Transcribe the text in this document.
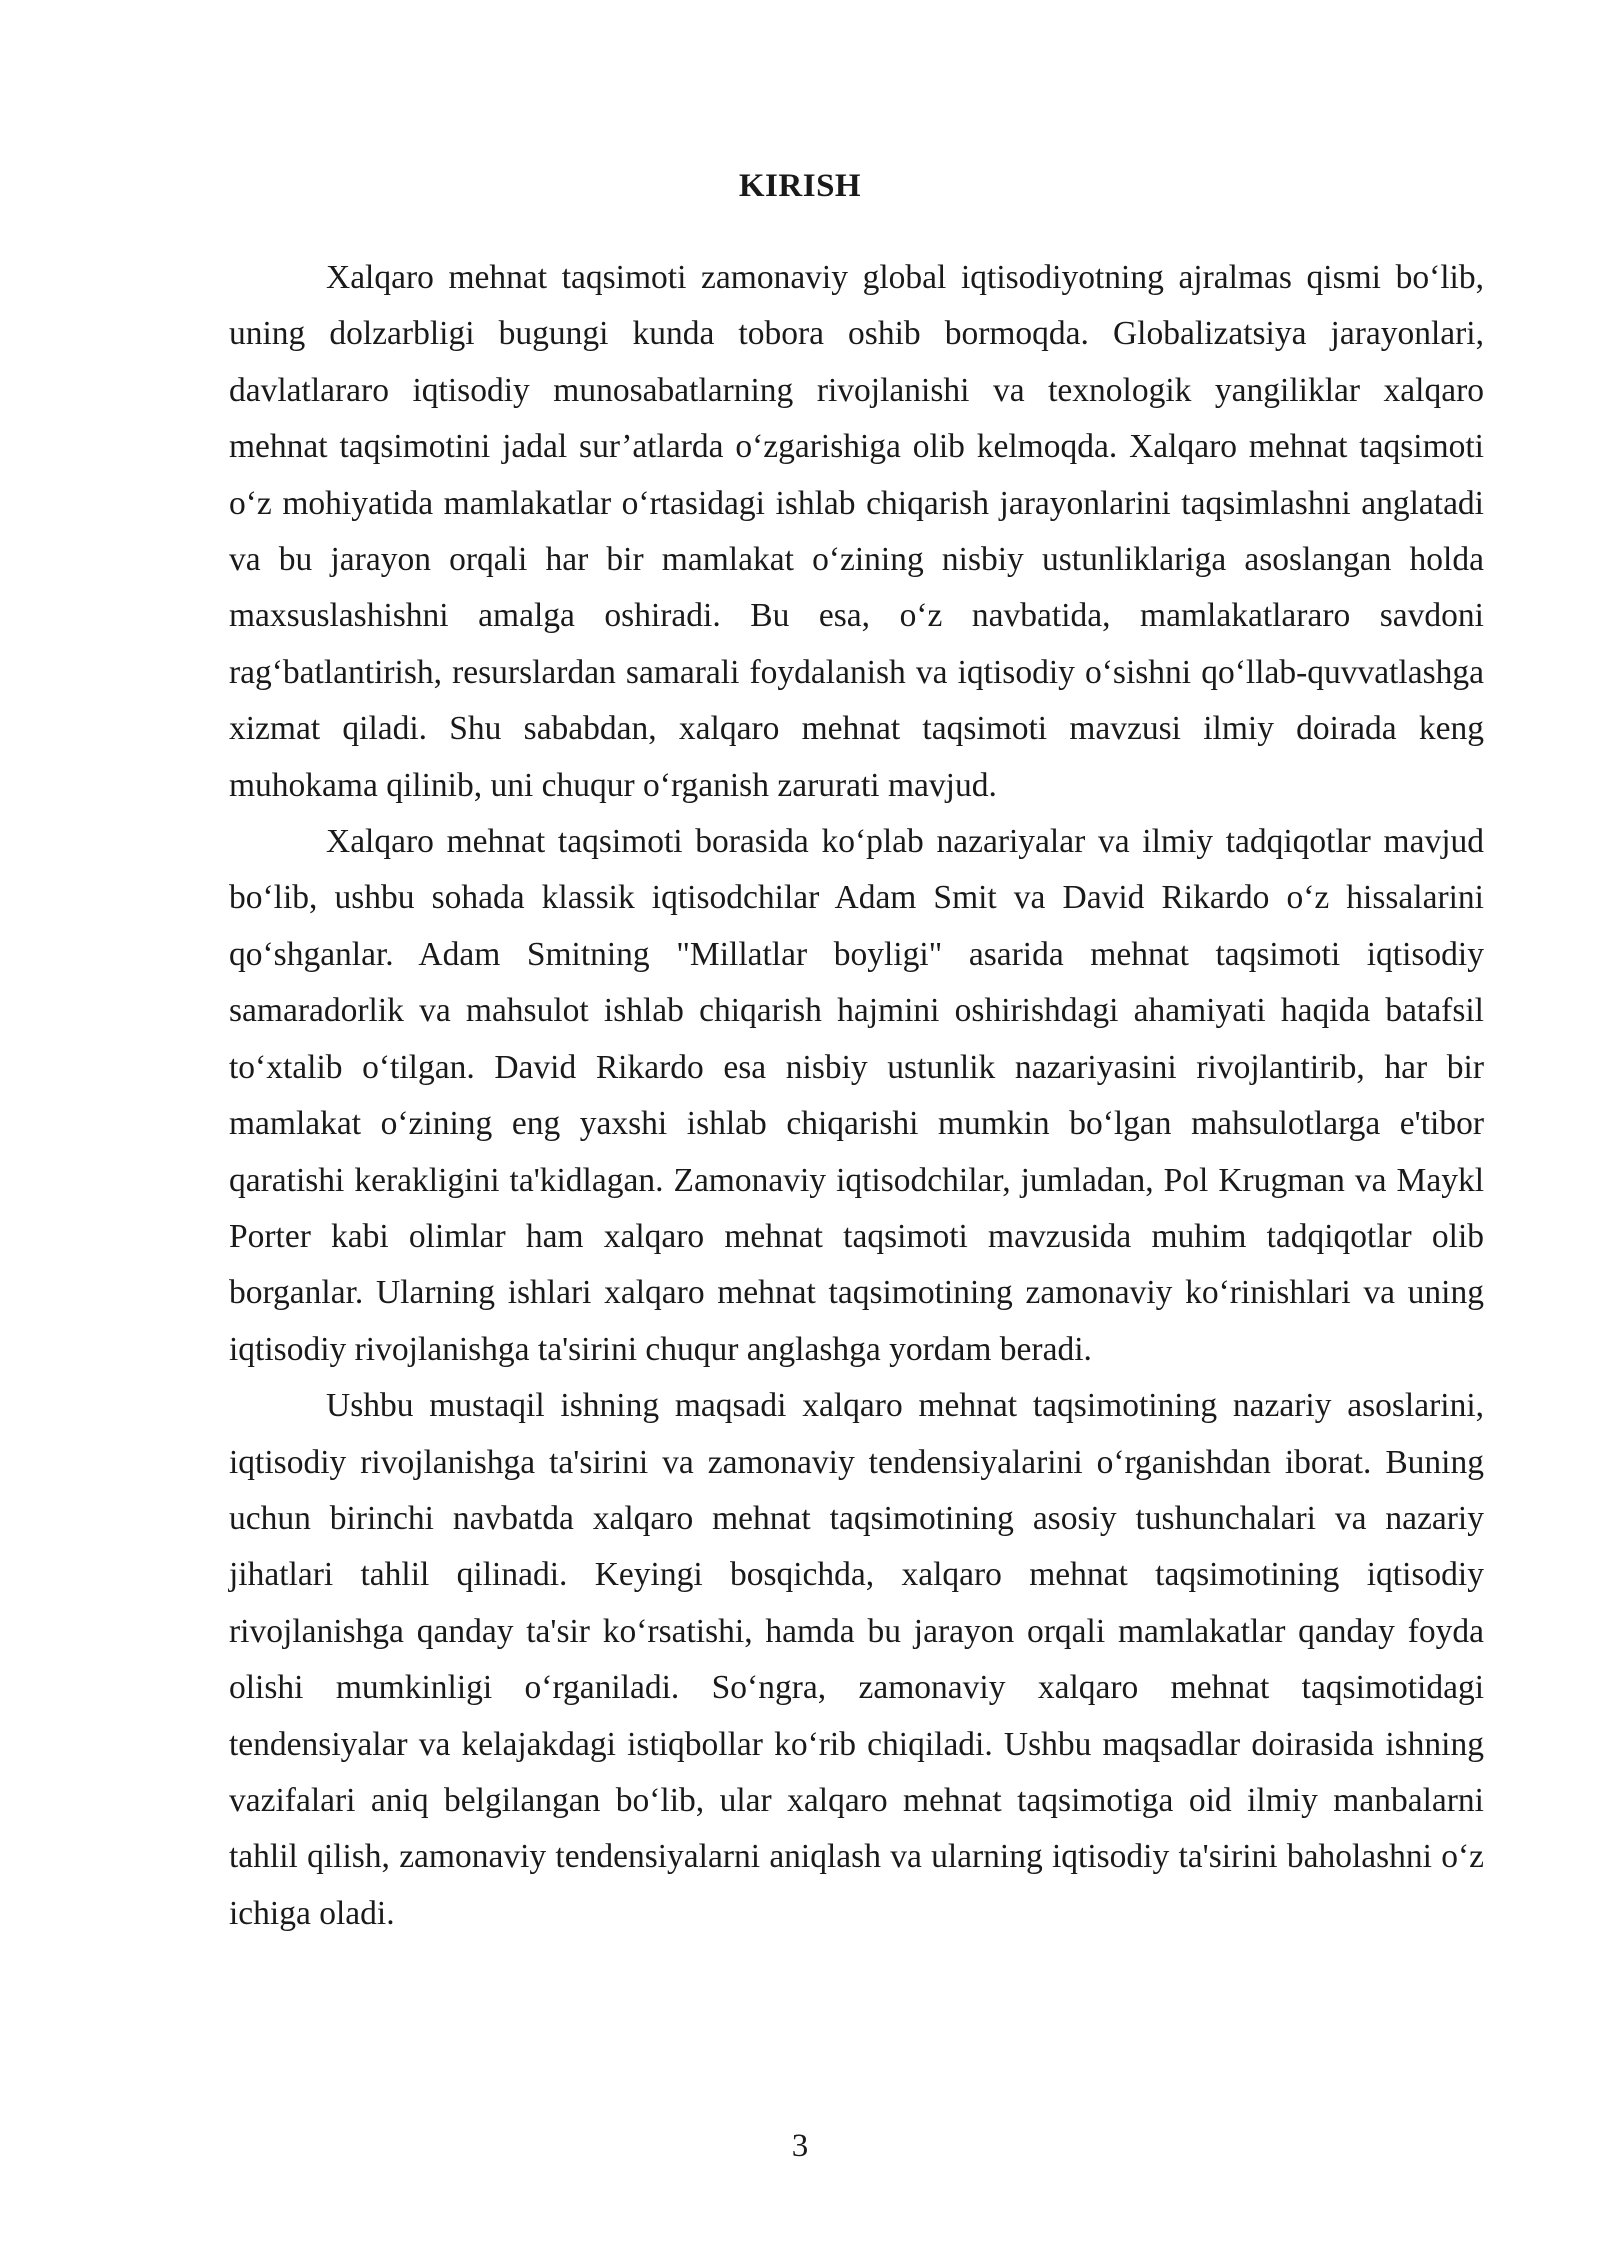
KIRISH

Xalqaro mehnat taqsimoti zamonaviy global iqtisodiyotning ajralmas qismi bo‘lib, uning dolzarbligi bugungi kunda tobora oshib bormoqda. Globalizatsiya jarayonlari, davlatlararo iqtisodiy munosabatlarning rivojlanishi va texnologik yangiliklar xalqaro mehnat taqsimotini jadal sur’atlarda o‘zgarishiga olib kelmoqda. Xalqaro mehnat taqsimoti o‘z mohiyatida mamlakatlar o‘rtasidagi ishlab chiqarish jarayonlarini taqsimlashni anglatadi va bu jarayon orqali har bir mamlakat o‘zining nisbiy ustunliklariga asoslangan holda maxsuslashishni amalga oshiradi. Bu esa, o‘z navbatida, mamlakatlararo savdoni rag‘batlantirish, resurslardan samarali foydalanish va iqtisodiy o‘sishni qo‘llab-quvvatlashga xizmat qiladi. Shu sababdan, xalqaro mehnat taqsimoti mavzusi ilmiy doirada keng muhokama qilinib, uni chuqur o‘rganish zarurati mavjud.

Xalqaro mehnat taqsimoti borasida ko‘plab nazariyalar va ilmiy tadqiqotlar mavjud bo‘lib, ushbu sohada klassik iqtisodchilar Adam Smit va David Rikardo o‘z hissalarini qo‘shganlar. Adam Smitning "Millatlar boyligi" asarida mehnat taqsimoti iqtisodiy samaradorlik va mahsulot ishlab chiqarish hajmini oshirishdagi ahamiyati haqida batafsil to‘xtalib o‘tilgan. David Rikardo esa nisbiy ustunlik nazariyasini rivojlantirib, har bir mamlakat o‘zining eng yaxshi ishlab chiqarishi mumkin bo‘lgan mahsulotlarga e'tibor qaratishi kerakligini ta'kidlagan. Zamonaviy iqtisodchilar, jumladan, Pol Krugman va Maykl Porter kabi olimlar ham xalqaro mehnat taqsimoti mavzusida muhim tadqiqotlar olib borganlar. Ularning ishlari xalqaro mehnat taqsimotining zamonaviy ko‘rinishlari va uning iqtisodiy rivojlanishga ta'sirini chuqur anglashga yordam beradi.

Ushbu mustaqil ishning maqsadi xalqaro mehnat taqsimotining nazariy asoslarini, iqtisodiy rivojlanishga ta'sirini va zamonaviy tendensiyalarini o‘rganishdan iborat. Buning uchun birinchi navbatda xalqaro mehnat taqsimotining asosiy tushunchalari va nazariy jihatlari tahlil qilinadi. Keyingi bosqichda, xalqaro mehnat taqsimotining iqtisodiy rivojlanishga qanday ta'sir ko‘rsatishi, hamda bu jarayon orqali mamlakatlar qanday foyda olishi mumkinligi o‘rganiladi. So‘ngra, zamonaviy xalqaro mehnat taqsimotidagi tendensiyalar va kelajakdagi istiqbollar ko‘rib chiqiladi. Ushbu maqsadlar doirasida ishning vazifalari aniq belgilangan bo‘lib, ular xalqaro mehnat taqsimotiga oid ilmiy manbalarni tahlil qilish, zamonaviy tendensiyalarni aniqlash va ularning iqtisodiy ta'sirini baholashni o‘z ichiga oladi.

3
